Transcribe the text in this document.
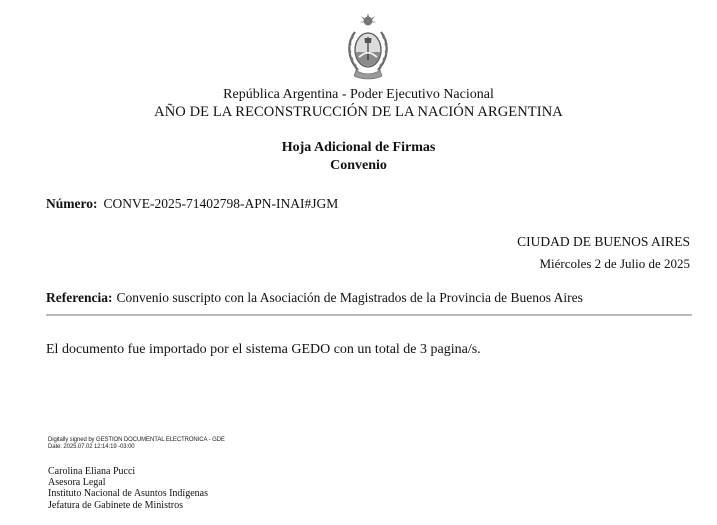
República Argentina - Poder Ejecutivo Nacional
AÑO DE LA RECONSTRUCCIÓN DE LA NACIÓN ARGENTINA
Hoja Adicional de Firmas
Convenio
Número: CONVE-2025-71402798-APN-INAI#JGM
CIUDAD DE BUENOS AIRES
Miércoles 2 de Julio de 2025
Referencia: Convenio suscripto con la Asociación de Magistrados de la Provincia de Buenos Aires
El documento fue importado por el sistema GEDO con un total de 3 pagina/s.
Digitally signed by GESTION DOCUMENTAL ELECTRONICA - GDE
Date: 2025.07.02 12:14:19 -03:00
Carolina Eliana Pucci
Asesora Legal
Instituto Nacional de Asuntos Indígenas
Jefatura de Gabinete de Ministros
